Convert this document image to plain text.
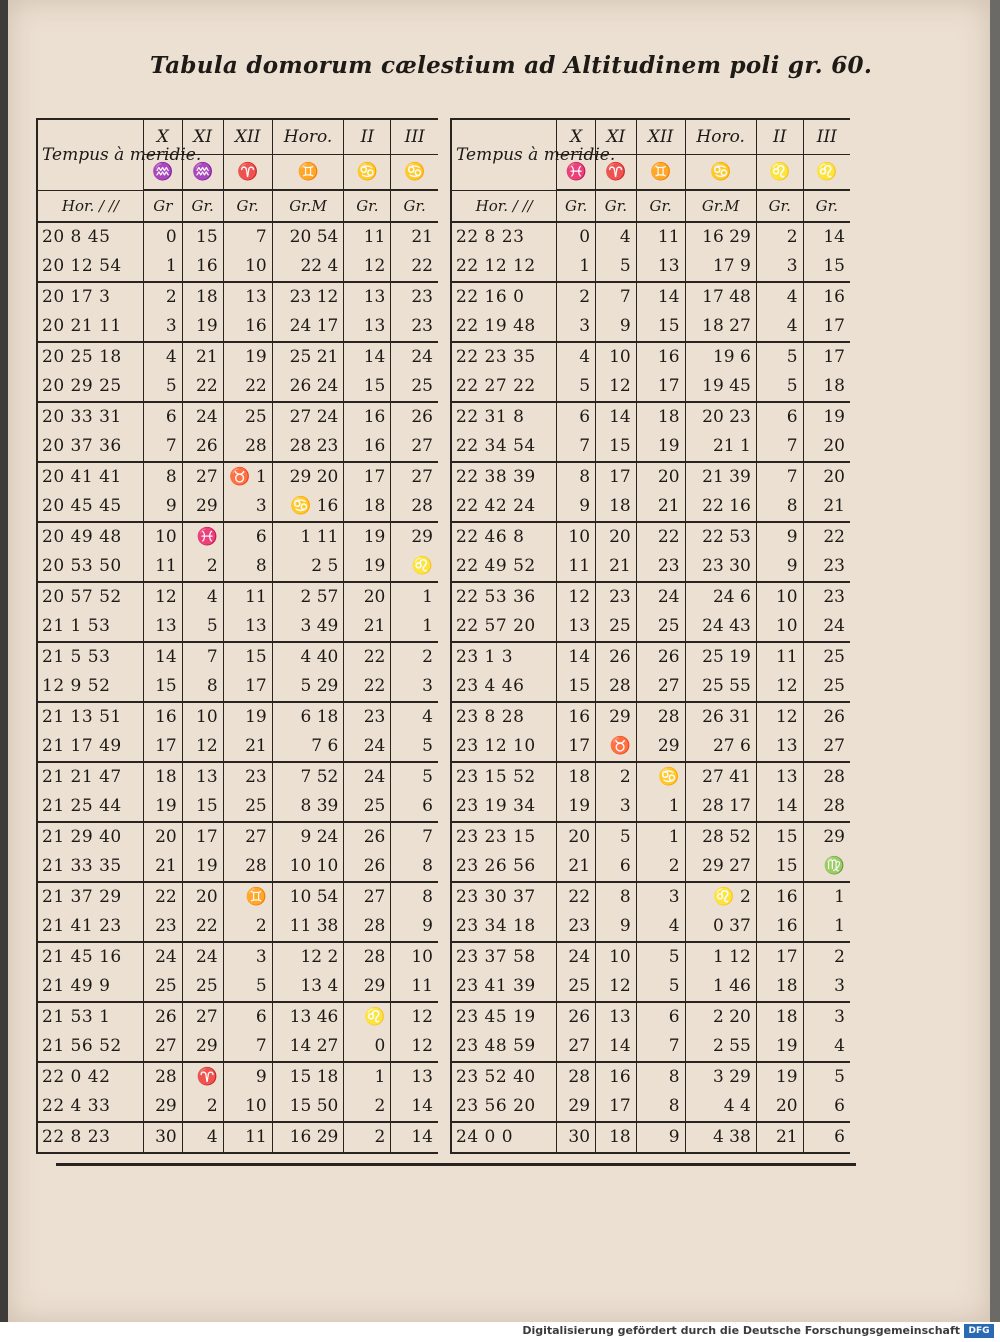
Tabula domorum cælestium ad Altitudinem poli gr. 60.
Tempus à meridie.	X	XI	XII	Horo.	II	III
	♒	♒	♈	♊	♋	♋
Hor. / //	Gr	Gr.	Gr.	Gr.M	Gr.	Gr.
20 8 45	0	15	7	20 54	11	21
20 12 54	1	16	10	22 4	12	22
20 17 3	2	18	13	23 12	13	23
20 21 11	3	19	16	24 17	13	23
20 25 18	4	21	19	25 21	14	24
20 29 25	5	22	22	26 24	15	25
20 33 31	6	24	25	27 24	16	26
20 37 36	7	26	28	28 23	16	27
20 41 41	8	27	♉ 1	29 20	17	27
20 45 45	9	29	3	♋ 16	18	28
20 49 48	10	♓	6	1 11	19	29
20 53 50	11	2	8	2 5	19	♌
20 57 52	12	4	11	2 57	20	1
21 1 53	13	5	13	3 49	21	1
21 5 53	14	7	15	4 40	22	2
12 9 52	15	8	17	5 29	22	3
21 13 51	16	10	19	6 18	23	4
21 17 49	17	12	21	7 6	24	5
21 21 47	18	13	23	7 52	24	5
21 25 44	19	15	25	8 39	25	6
21 29 40	20	17	27	9 24	26	7
21 33 35	21	19	28	10 10	26	8
21 37 29	22	20	♊	10 54	27	8
21 41 23	23	22	2	11 38	28	9
21 45 16	24	24	3	12 2	28	10
21 49 9	25	25	5	13 4	29	11
21 53 1	26	27	6	13 46	♌	12
21 56 52	27	29	7	14 27	0	12
22 0 42	28	♈	9	15 18	1	13
22 4 33	29	2	10	15 50	2	14
22 8 23	30	4	11	16 29	2	14
Tempus à meridie.	X	XI	XII	Horo.	II	III
	♓	♈	♊	♋	♌	♌
Hor. / //	Gr.	Gr.	Gr.	Gr.M	Gr.	Gr.
22 8 23	0	4	11	16 29	2	14
22 12 12	1	5	13	17 9	3	15
22 16 0	2	7	14	17 48	4	16
22 19 48	3	9	15	18 27	4	17
22 23 35	4	10	16	19 6	5	17
22 27 22	5	12	17	19 45	5	18
22 31 8	6	14	18	20 23	6	19
22 34 54	7	15	19	21 1	7	20
22 38 39	8	17	20	21 39	7	20
22 42 24	9	18	21	22 16	8	21
22 46 8	10	20	22	22 53	9	22
22 49 52	11	21	23	23 30	9	23
22 53 36	12	23	24	24 6	10	23
22 57 20	13	25	25	24 43	10	24
23 1 3	14	26	26	25 19	11	25
23 4 46	15	28	27	25 55	12	25
23 8 28	16	29	28	26 31	12	26
23 12 10	17	♉	29	27 6	13	27
23 15 52	18	2	♋	27 41	13	28
23 19 34	19	3	1	28 17	14	28
23 23 15	20	5	1	28 52	15	29
23 26 56	21	6	2	29 27	15	♍
23 30 37	22	8	3	♌ 2	16	1
23 34 18	23	9	4	0 37	16	1
23 37 58	24	10	5	1 12	17	2
23 41 39	25	12	5	1 46	18	3
23 45 19	26	13	6	2 20	18	3
23 48 59	27	14	7	2 55	19	4
23 52 40	28	16	8	3 29	19	5
23 56 20	29	17	8	4 4	20	6
24 0 0	30	18	9	4 38	21	6
Digitalisierung gefördert durch die Deutsche Forschungsgemeinschaft DFG
